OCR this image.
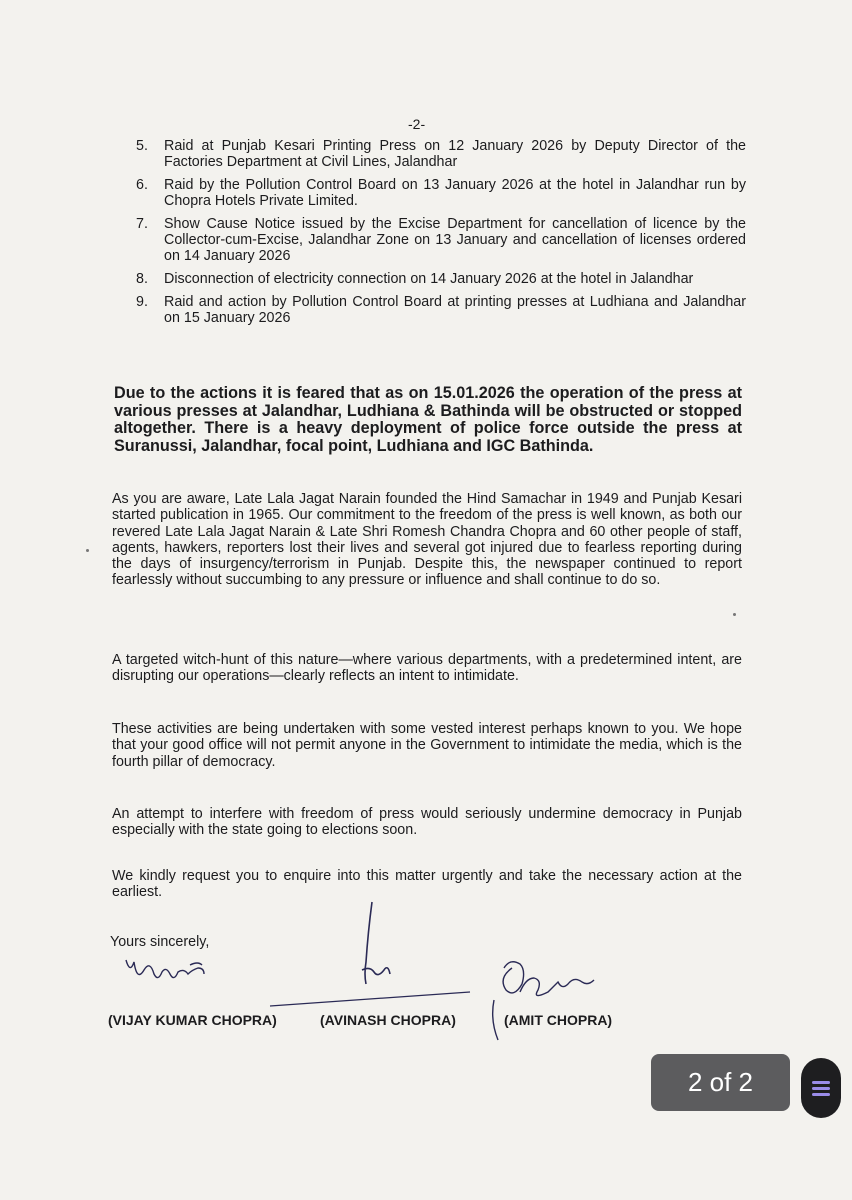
-2-
5.	Raid at Punjab Kesari Printing Press on 12 January 2026 by Deputy Director of the Factories Department at Civil Lines, Jalandhar
6.	Raid by the Pollution Control Board on 13 January 2026 at the hotel in Jalandhar run by Chopra Hotels Private Limited.
7.	Show Cause Notice issued by the Excise Department for cancellation of licence by the Collector-cum-Excise, Jalandhar Zone on 13 January and cancellation of licenses ordered on 14 January 2026
8.	Disconnection of electricity connection on 14 January 2026 at the hotel in Jalandhar
9.	Raid and action by Pollution Control Board at printing presses at Ludhiana and Jalandhar on 15 January 2026
Due to the actions it is feared that as on 15.01.2026 the operation of the press at various presses at Jalandhar, Ludhiana & Bathinda will be obstructed or stopped altogether. There is a heavy deployment of police force outside the press at Suranussi, Jalandhar, focal point, Ludhiana and IGC Bathinda.
As you are aware, Late Lala Jagat Narain founded the Hind Samachar in 1949 and Punjab Kesari started publication in 1965. Our commitment to the freedom of the press is well known, as both our revered Late Lala Jagat Narain & Late Shri Romesh Chandra Chopra and 60 other people of staff, agents, hawkers, reporters lost their lives and several got injured due to fearless reporting during the days of insurgency/terrorism in Punjab. Despite this, the newspaper continued to report fearlessly without succumbing to any pressure or influence and shall continue to do so.
A targeted witch-hunt of this nature—where various departments, with a predetermined intent, are disrupting our operations—clearly reflects an intent to intimidate.
These activities are being undertaken with some vested interest perhaps known to you. We hope that your good office will not permit anyone in the Government to intimidate the media, which is the fourth pillar of democracy.
An attempt to interfere with freedom of press would seriously undermine democracy in Punjab especially with the state going to elections soon.
We kindly request you to enquire into this matter urgently and take the necessary action at the earliest.
Yours sincerely,
(VIJAY KUMAR CHOPRA)	(AVINASH CHOPRA)	(AMIT CHOPRA)
2 of 2
